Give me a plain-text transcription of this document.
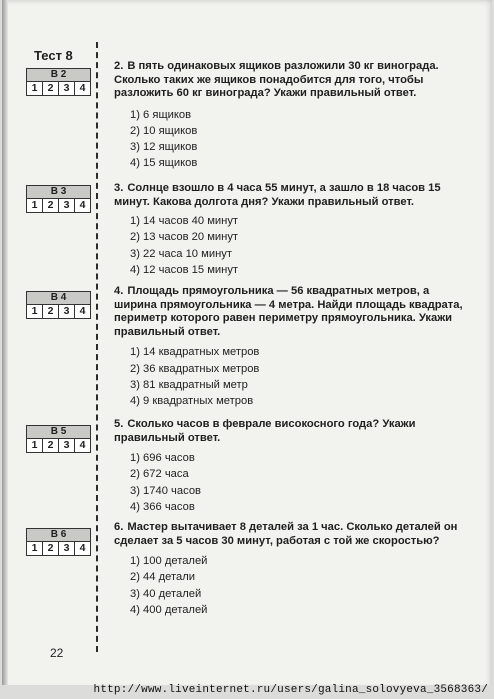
Тест 8
В 2
1 2 3 4
В 3
1 2 3 4
В 4
1 2 3 4
В 5
1 2 3 4
В 6
1 2 3 4

2. В пять одинаковых ящиков разложили 30 кг винограда. Сколько таких же ящиков понадобится для того, чтобы разложить 60 кг винограда? Укажи правильный ответ.

1) 6 ящиков
2) 10 ящиков
3) 12 ящиков
4) 15 ящиков

3. Солнце взошло в 4 часа 55 минут, а зашло в 18 часов 15 минут. Какова долгота дня? Укажи правильный ответ.

1) 14 часов 40 минут
2) 13 часов 20 минут
3) 22 часа 10 минут
4) 12 часов 15 минут

4. Площадь прямоугольника — 56 квадратных метров, а ширина прямоугольника — 4 метра. Найди площадь квадрата, периметр которого равен периметру прямоугольника. Укажи правильный ответ.

1) 14 квадратных метров
2) 36 квадратных метров
3) 81 квадратный метр
4) 9 квадратных метров

5. Сколько часов в феврале високосного года? Укажи правильный ответ.

1) 696 часов
2) 672 часа
3) 1740 часов
4) 366 часов

6. Мастер вытачивает 8 деталей за 1 час. Сколько деталей он сделает за 5 часов 30 минут, работая с той же скоростью?

1) 100 деталей
2) 44 детали
3) 40 деталей
4) 400 деталей
22
http://www.liveinternet.ru/users/galina_solovyeva_3568363/
